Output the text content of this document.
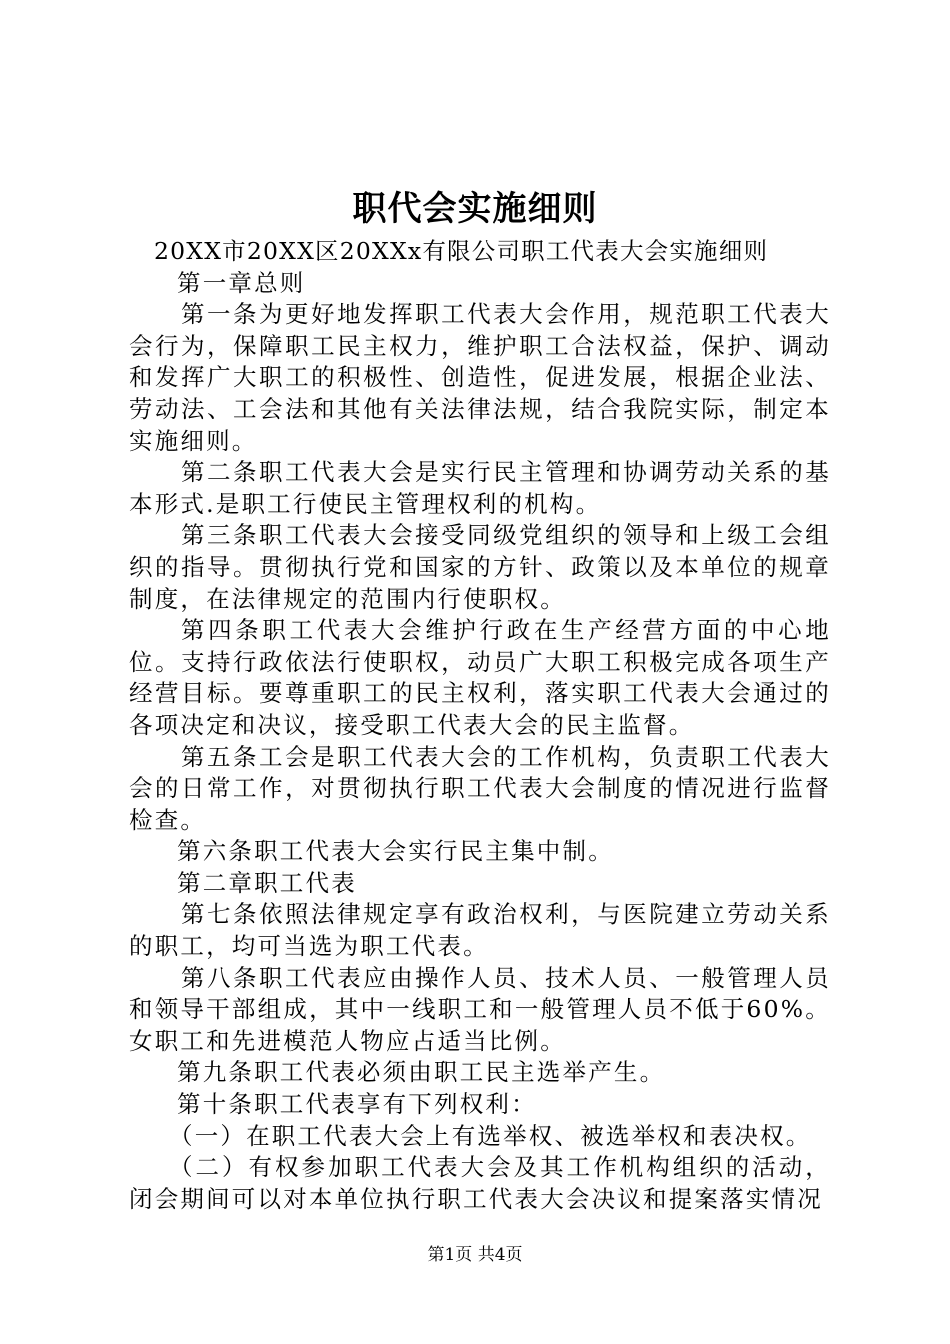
职代会实施细则

20XX市20XX区20XXx有限公司职工代表大会实施细则

第一章总则

第一条为更好地发挥职工代表大会作用，规范职工代表大会行为，保障职工民主权力，维护职工合法权益，保护、调动和发挥广大职工的积极性、创造性，促进发展，根据企业法、劳动法、工会法和其他有关法律法规，结合我院实际，制定本实施细则。

第二条职工代表大会是实行民主管理和协调劳动关系的基本形式.是职工行使民主管理权利的机构。

第三条职工代表大会接受同级党组织的领导和上级工会组织的指导。贯彻执行党和国家的方针、政策以及本单位的规章制度，在法律规定的范围内行使职权。

第四条职工代表大会维护行政在生产经营方面的中心地位。支持行政依法行使职权，动员广大职工积极完成各项生产经营目标。要尊重职工的民主权利，落实职工代表大会通过的各项决定和决议，接受职工代表大会的民主监督。

第五条工会是职工代表大会的工作机构，负责职工代表大会的日常工作，对贯彻执行职工代表大会制度的情况进行监督检查。

第六条职工代表大会实行民主集中制。

第二章职工代表

第七条依照法律规定享有政治权利，与医院建立劳动关系的职工，均可当选为职工代表。

第八条职工代表应由操作人员、技术人员、一般管理人员和领导干部组成，其中一线职工和一般管理人员不低于60%。女职工和先进模范人物应占适当比例。

第九条职工代表必须由职工民主选举产生。

第十条职工代表享有下列权利：

（一）在职工代表大会上有选举权、被选举权和表决权。

（二）有权参加职工代表大会及其工作机构组织的活动，闭会期间可以对本单位执行职工代表大会决议和提案落实情况

第1页 共4页
